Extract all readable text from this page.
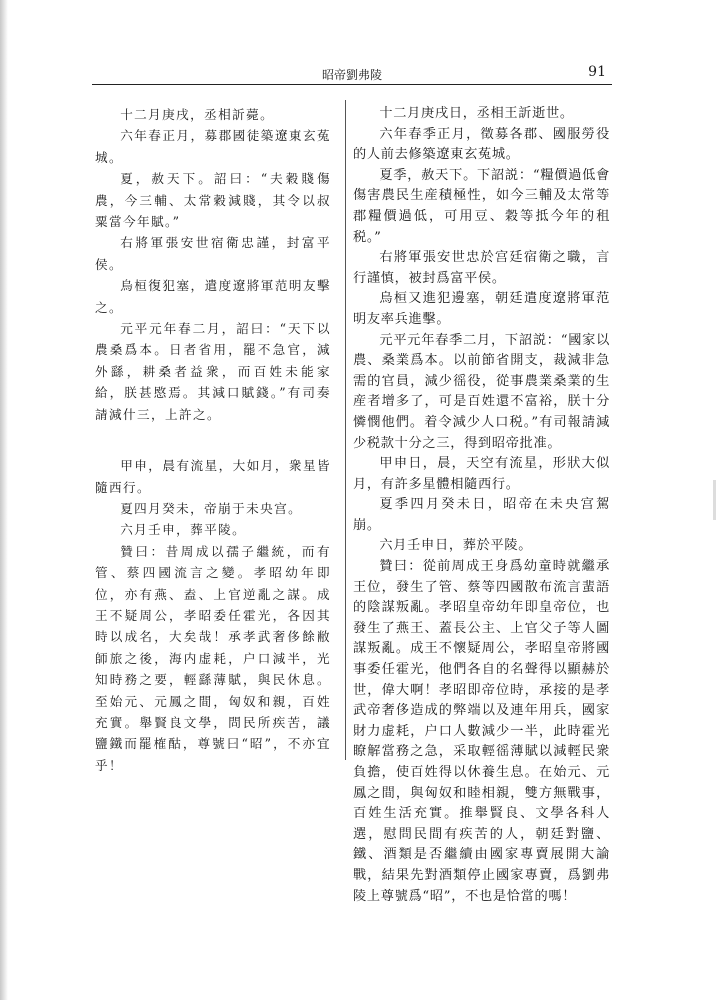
昭帝劉弗陵	91

十二月庚戌，丞相訢薨。

六年春正月，募郡國徒築遼東玄菟城。

夏，赦天下。詔曰：“夫穀賤傷農，今三輔、太常穀減賤，其令以叔粟當今年賦。”

右將軍張安世宿衛忠謹，封富平侯。

烏桓復犯塞，遣度遼將軍范明友擊之。

元平元年春二月，詔曰：“天下以農桑爲本。日者省用，罷不急官，減外繇，耕桑者益衆，而百姓未能家給，朕甚愍焉。其減口賦錢。”有司奏請減什三，上許之。

甲申，晨有流星，大如月，衆星皆隨西行。

夏四月癸未，帝崩于未央宫。

六月壬申，葬平陵。

贊曰：昔周成以孺子繼統，而有管、蔡四國流言之變。孝昭幼年即位，亦有燕、盍、上官逆亂之謀。成王不疑周公，孝昭委任霍光，各因其時以成名，大矣哉！承孝武奢侈餘敝師旅之後，海内虚耗，户口減半，光知時務之要，輕繇薄賦，與民休息。至始元、元鳳之間，匈奴和親，百姓充實。舉賢良文學，問民所疾苦，議鹽鐵而罷榷酤，尊號曰“昭”，不亦宜乎！

十二月庚戌日，丞相王訢逝世。

六年春季正月，徵募各郡、國服勞役的人前去修築遼東玄菟城。

夏季，赦天下。下詔説：“糧價過低會傷害農民生産積極性，如今三輔及太常等郡糧價過低，可用豆、穀等抵今年的租税。”

右將軍張安世忠於宫廷宿衛之職，言行謹慎，被封爲富平侯。

烏桓又進犯邊塞，朝廷遣度遼將軍范明友率兵進擊。

元平元年春季二月，下詔説：“國家以農、桑業爲本。以前節省開支，裁減非急需的官員，減少徭役，從事農業桑業的生産者增多了，可是百姓還不富裕，朕十分憐憫他們。着令減少人口税。”有司報請減少税款十分之三，得到昭帝批准。

甲申日，晨，天空有流星，形狀大似月，有許多星體相隨西行。

夏季四月癸未日，昭帝在未央宫駕崩。

六月壬申日，葬於平陵。

贊曰：從前周成王身爲幼童時就繼承王位，發生了管、蔡等四國散布流言蜚語的陰謀叛亂。孝昭皇帝幼年即皇帝位，也發生了燕王、蓋長公主、上官父子等人圖謀叛亂。成王不懷疑周公，孝昭皇帝將國事委任霍光，他們各自的名聲得以顯赫於世，偉大啊！孝昭即帝位時，承接的是孝武帝奢侈造成的弊端以及連年用兵，國家財力虚耗，户口人數減少一半，此時霍光瞭解當務之急，采取輕徭薄賦以減輕民衆負擔，使百姓得以休養生息。在始元、元鳳之間，與匈奴和睦相親，雙方無戰事，百姓生活充實。推舉賢良、文學各科人選，慰問民間有疾苦的人，朝廷對鹽、鐵、酒類是否繼續由國家專賣展開大論戰，結果先對酒類停止國家專賣，爲劉弗陵上尊號爲“昭”，不也是恰當的嗎！
